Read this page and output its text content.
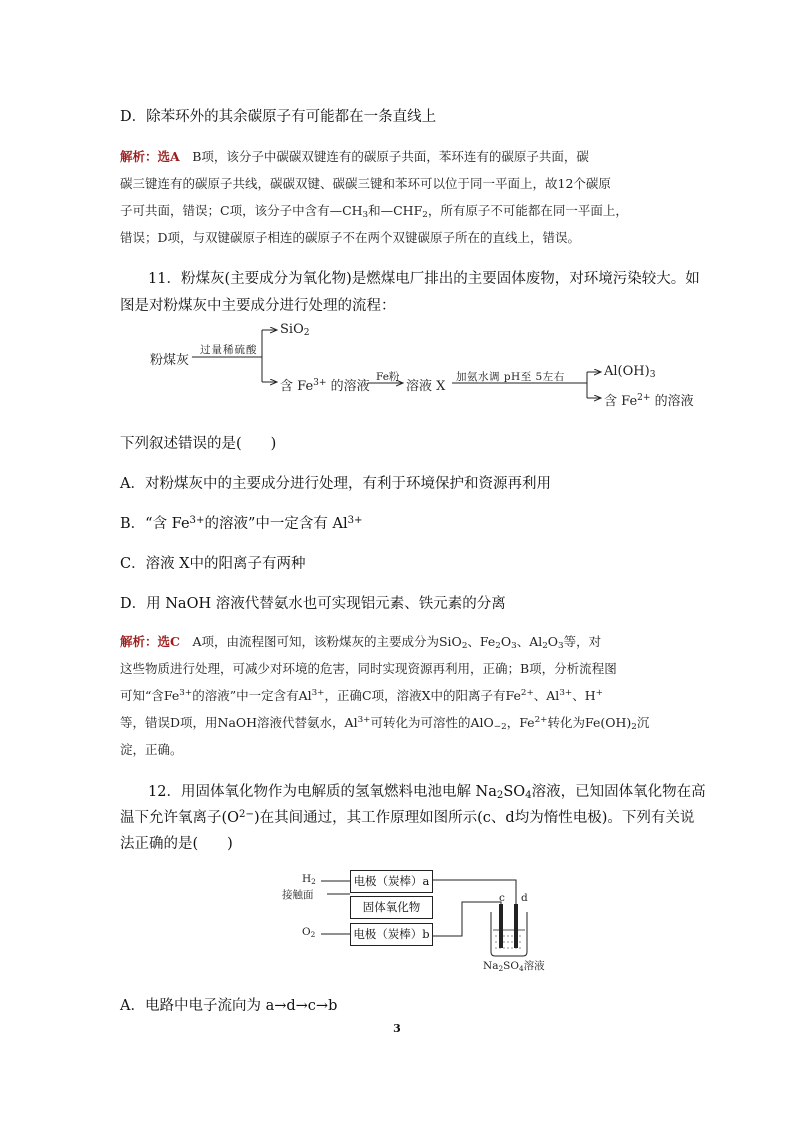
D．除苯环外的其余碳原子有可能都在一条直线上
解析：选A　 B项，该分子中碳碳双键连有的碳原子共面，苯环连有的碳原子共面，碳
碳三键连有的碳原子共线，碳碳双键、碳碳三键和苯环可以位于同一平面上，故12个碳原
子可共面，错误；C项，该分子中含有$—CH_3$和$—CHF_2$，所有原子不可能都在同一平面上，
错误；D项，与双键碳原子相连的碳原子不在两个双键碳原子所在的直线上，错误。
11．粉煤灰(主要成分为氧化物)是燃煤电厂排出的主要固体废物，对环境污染较大。如
图是对粉煤灰中主要成分进行处理的流程：
粉煤灰
过量稀硫酸
SiO$_2$
含 $Fe^{3+}$ 的溶液
Fe粉
溶液 X
加氨水调 pH至 5左右	$Al(OH)_3$
含 $Fe^{2+}$ 的溶液
下列叙述错误的是(　　)
A．对粉煤灰中的主要成分进行处理，有利于环境保护和资源再利用
B．“含 $Fe^{3+}$的溶液”中一定含有 $Al^{3+}$
C．溶液 X中的阳离子有两种
D．用 NaOH 溶液代替氨水也可实现铝元素、铁元素的分离
解析：选C　 A项，由流程图可知，该粉煤灰的主要成分为SiO$_2$、$Fe_2O_3$、$Al_2O_3$等，对
这些物质进行处理，可减少对环境的危害，同时实现资源再利用，正确；B项，分析流程图
可知“含$Fe^{3+}$的溶液”中一定含有$Al^{3+}$，正确C项，溶液X中的阳离子有$Fe^{2+}$、$Al^{3+}$、H+
等，错误D项，用NaOH溶液代替氨水，$Al^{3+}$可转化为可溶性的AlO$_{-2}$，$Fe^{2+}$转化为$Fe(OH)_2$沉
淀，正确。
12．用固体氧化物作为电解质的氢氧燃料电池电解 $Na_2SO_4$溶液，已知固体氧化物在高
温下允许氧离子$(O^{2-})$在其间通过，其工作原理如图所示(c、d均为惰性电极)。下列有关说
法正确的是(　　)
$H_2$
接触面
$O_2$
电极（炭棒）a
固体氧化物
电极（炭棒）b
c d
$Na_2SO_4$溶液
A．电路中电子流向为 a→d→c→b
3
